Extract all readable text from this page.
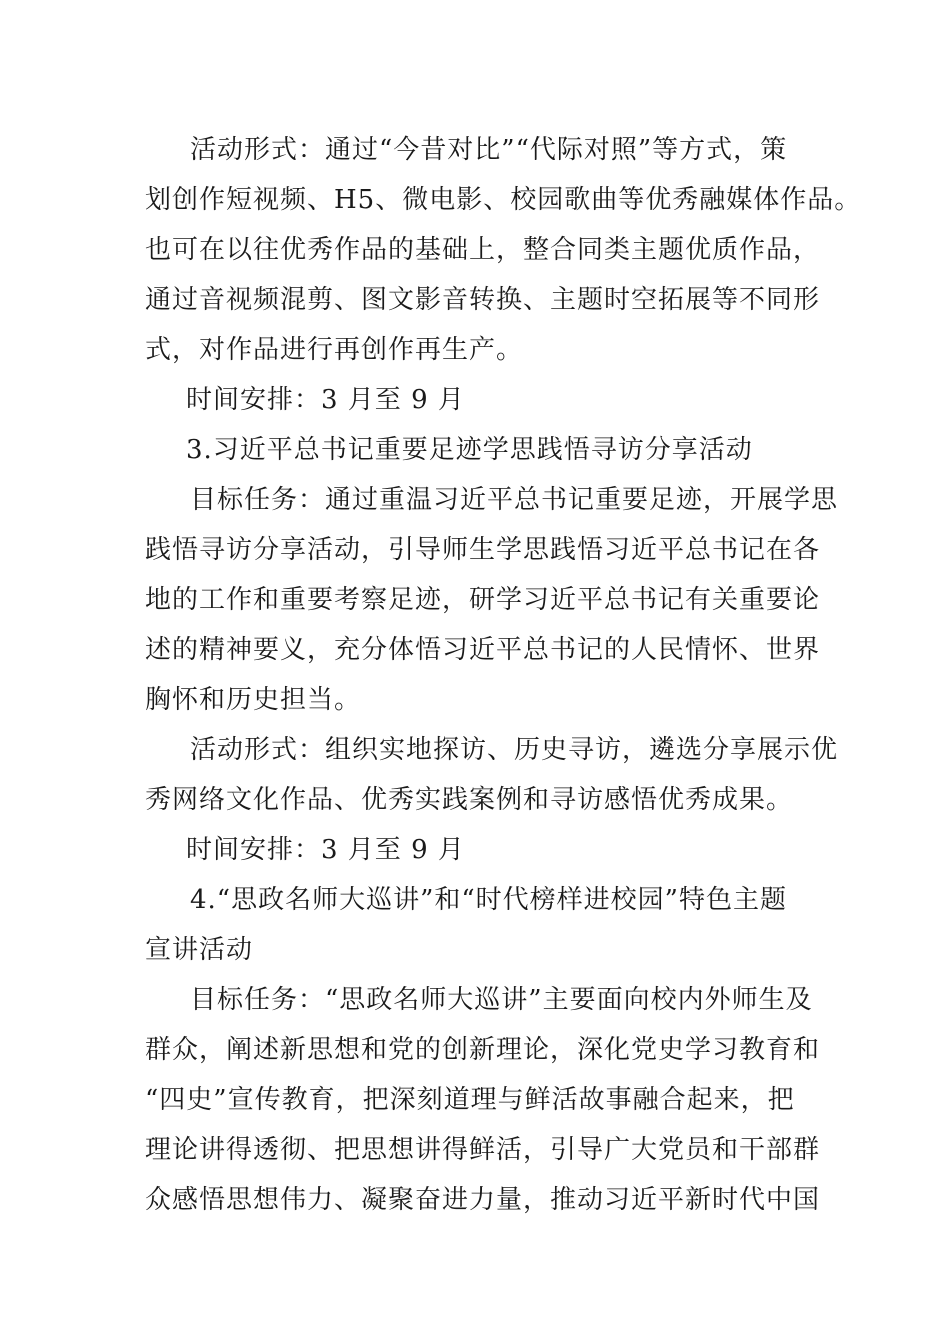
活动形式：通过“今昔对比”“代际对照”等方式，策
划创作短视频、H5、微电影、校园歌曲等优秀融媒体作品。
也可在以往优秀作品的基础上，整合同类主题优质作品，
通过音视频混剪、图文影音转换、主题时空拓展等不同形
式，对作品进行再创作再生产。
时间安排：3 月至 9 月
3.习近平总书记重要足迹学思践悟寻访分享活动
目标任务：通过重温习近平总书记重要足迹，开展学思
践悟寻访分享活动，引导师生学思践悟习近平总书记在各
地的工作和重要考察足迹，研学习近平总书记有关重要论
述的精神要义，充分体悟习近平总书记的人民情怀、世界
胸怀和历史担当。
活动形式：组织实地探访、历史寻访，遴选分享展示优
秀网络文化作品、优秀实践案例和寻访感悟优秀成果。
时间安排：3 月至 9 月
4.“思政名师大巡讲”和“时代榜样进校园”特色主题
宣讲活动
目标任务：“思政名师大巡讲”主要面向校内外师生及
群众，阐述新思想和党的创新理论，深化党史学习教育和
“四史”宣传教育，把深刻道理与鲜活故事融合起来，把
理论讲得透彻、把思想讲得鲜活，引导广大党员和干部群
众感悟思想伟力、凝聚奋进力量，推动习近平新时代中国
